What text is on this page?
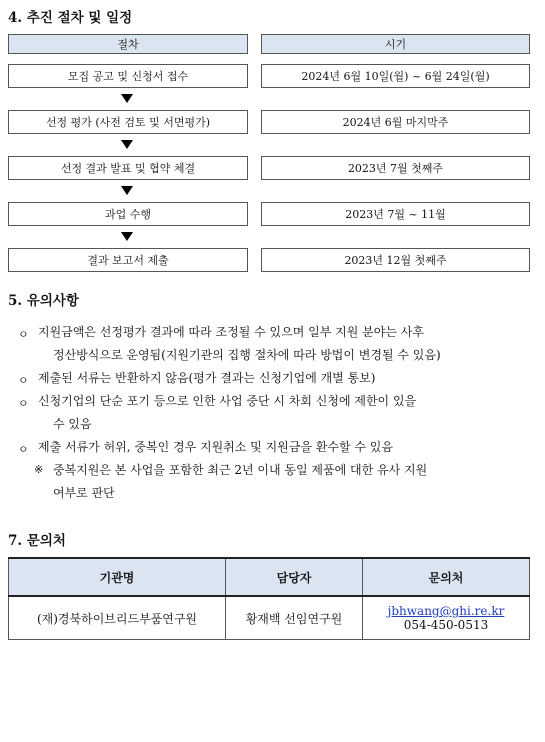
4. 추진 절차 및 일정
절차	시기
모집 공고 및 신청서 접수	2024년 6월 10일(월) ~ 6월 24일(월)
선정 평가 (사전 검토 및 서면평가)	2024년 6월 마지막주
선정 결과 발표 및 협약 체결	2023년 7월 첫째주
과업 수행	2023년 7월 ~ 11월
결과 보고서 제출	2023년 12월 첫째주
5. 유의사항
ㅇ 지원금액은 선정평가 결과에 따라 조정될 수 있으며 일부 지원 분야는 사후
정산방식으로 운영됨(지원기관의 집행 절차에 따라 방법이 변경될 수 있음)
ㅇ 제출된 서류는 반환하지 않음(평가 결과는 신청기업에 개별 통보)
ㅇ 신청기업의 단순 포기 등으로 인한 사업 중단 시 차회 신청에 제한이 있을
수 있음
ㅇ 제출 서류가 허위, 중복인 경우 지원취소 및 지원금을 환수할 수 있음
※ 중복지원은 본 사업을 포함한 최근 2년 이내 동일 제품에 대한 유사 지원
여부로 판단
7. 문의처
기관명	담당자	문의처
(재)경북하이브리드부품연구원	황재백 선임연구원	jbhwang@ghi.re.kr
054-450-0513
